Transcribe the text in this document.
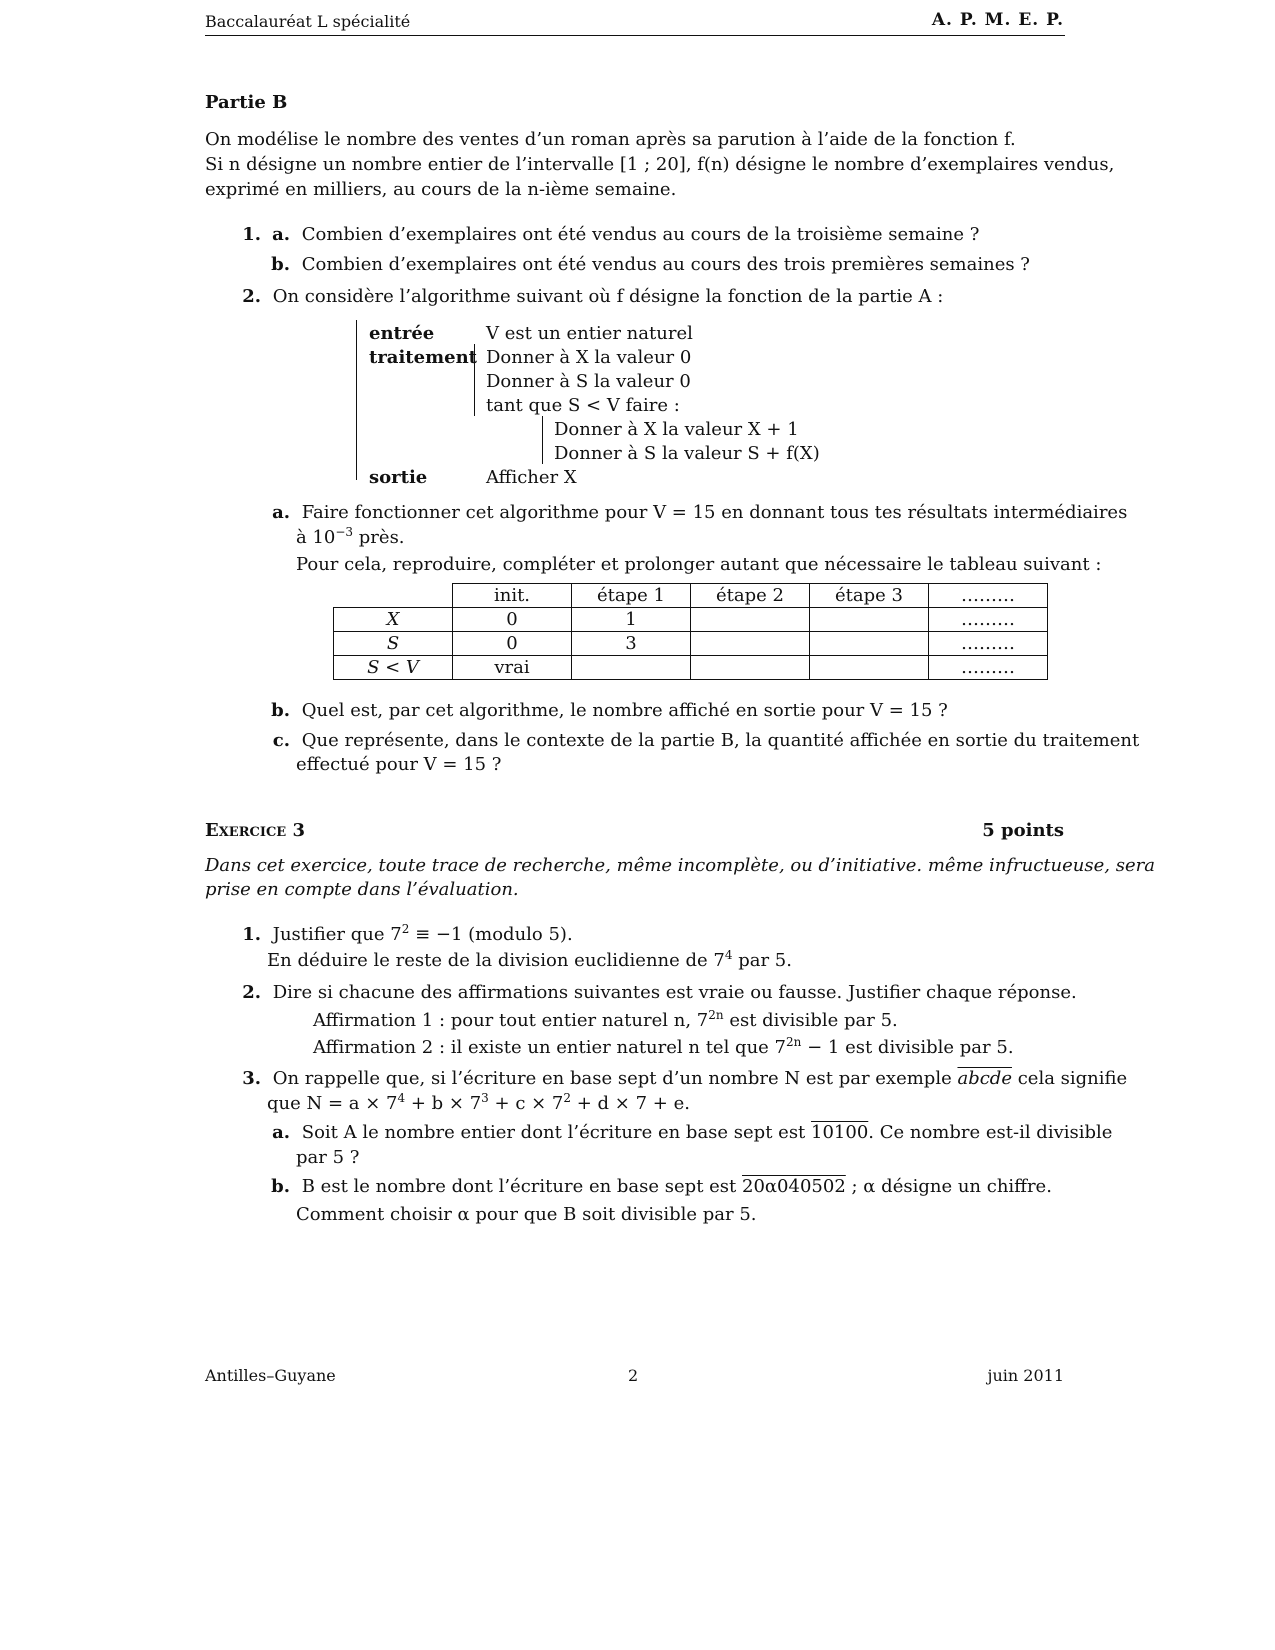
Baccalauréat L spécialité	A. P. M. E. P.
Partie B
On modélise le nombre des ventes d’un roman après sa parution à l’aide de la fonction f.
Si n désigne un nombre entier de l’intervalle [1 ; 20], f(n) désigne le nombre d’exemplaires vendus,
exprimé en milliers, au cours de la n-ième semaine.
1. a. Combien d’exemplaires ont été vendus au cours de la troisième semaine ?
b. Combien d’exemplaires ont été vendus au cours des trois premières semaines ?
2. On considère l’algorithme suivant où f désigne la fonction de la partie A :
entrée	V est un entier naturel
traitement Donner à X la valeur 0
Donner à S la valeur 0
tant que S < V faire :
Donner à X la valeur X + 1
Donner à S la valeur S + f(X)
sortie	Afficher X
a. Faire fonctionner cet algorithme pour V = 15 en donnant tous tes résultats intermédiaires
à $10^{-3}$ près.
Pour cela, reproduire, compléter et prolonger autant que nécessaire le tableau suivant :
	init.	étape 1	étape 2	étape 3	………
X	0	1			………
S	0	3			………
S < V	vrai				………
b. Quel est, par cet algorithme, le nombre affiché en sortie pour V = 15 ?
c. Que représente, dans le contexte de la partie B, la quantité affichée en sortie du traitement
effectué pour V = 15 ?
Exercice 3	5 points
Dans cet exercice, toute trace de recherche, même incomplète, ou d’initiative. même infructueuse, sera
prise en compte dans l’évaluation.
1. Justifier que $7^2 \equiv -1$ (modulo 5).
En déduire le reste de la division euclidienne de $7^4$ par 5.
2. Dire si chacune des affirmations suivantes est vraie ou fausse. Justifier chaque réponse.
Affirmation 1 : pour tout entier naturel n, $7^{2n}$ est divisible par 5.
Affirmation 2 : il existe un entier naturel n tel que $7^{2n} - 1$ est divisible par 5.
3. On rappelle que, si l’écriture en base sept d’un nombre N est par exemple abcde cela signifie
que $N = a \times 7^4 + b \times 7^3 + c \times 7^2 + d \times 7 + e$.
a. Soit A le nombre entier dont l’écriture en base sept est 10100. Ce nombre est-il divisible
par 5 ?
b. B est le nombre dont l’écriture en base sept est 20α040502 ; α désigne un chiffre.
Comment choisir α pour que B soit divisible par 5.
Antilles–Guyane	2	juin 2011
